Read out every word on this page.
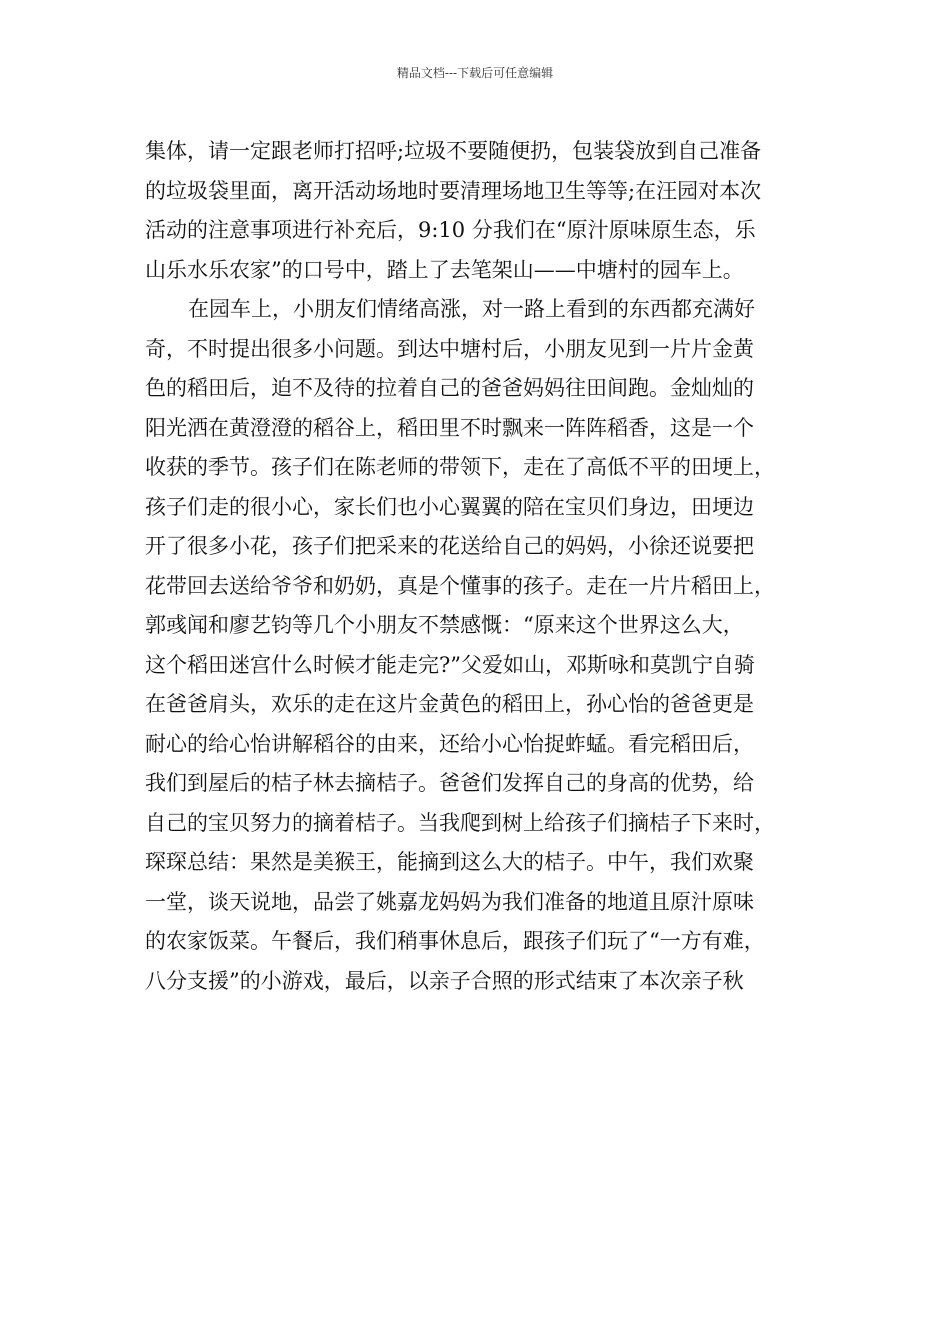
精品文档---下载后可任意编辑
集体，请一定跟老师打招呼;垃圾不要随便扔，包装袋放到自己准备
的垃圾袋里面，离开活动场地时要清理场地卫生等等;在汪园对本次
活动的注意事项进行补充后，9:10 分我们在“原汁原味原生态，乐
山乐水乐农家”的口号中，踏上了去笔架山——中塘村的园车上。
在园车上，小朋友们情绪高涨，对一路上看到的东西都充满好
奇，不时提出很多小问题。到达中塘村后，小朋友见到一片片金黄
色的稻田后，迫不及待的拉着自己的爸爸妈妈往田间跑。金灿灿的
阳光洒在黄澄澄的稻谷上，稻田里不时飘来一阵阵稻香，这是一个
收获的季节。孩子们在陈老师的带领下，走在了高低不平的田埂上，
孩子们走的很小心，家长们也小心翼翼的陪在宝贝们身边，田埂边
开了很多小花，孩子们把采来的花送给自己的妈妈，小徐还说要把
花带回去送给爷爷和奶奶，真是个懂事的孩子。走在一片片稻田上，
郭彧闻和廖艺钧等几个小朋友不禁感慨：“原来这个世界这么大，
这个稻田迷宫什么时候才能走完?”父爱如山，邓斯咏和莫凯宁自骑
在爸爸肩头，欢乐的走在这片金黄色的稻田上，孙心怡的爸爸更是
耐心的给心怡讲解稻谷的由来，还给小心怡捉蚱蜢。看完稻田后，
我们到屋后的桔子林去摘桔子。爸爸们发挥自己的身高的优势，给
自己的宝贝努力的摘着桔子。当我爬到树上给孩子们摘桔子下来时，
琛琛总结：果然是美猴王，能摘到这么大的桔子。中午，我们欢聚
一堂，谈天说地，品尝了姚嘉龙妈妈为我们准备的地道且原汁原味
的农家饭菜。午餐后，我们稍事休息后，跟孩子们玩了“一方有难，
八分支援”的小游戏，最后，以亲子合照的形式结束了本次亲子秋
